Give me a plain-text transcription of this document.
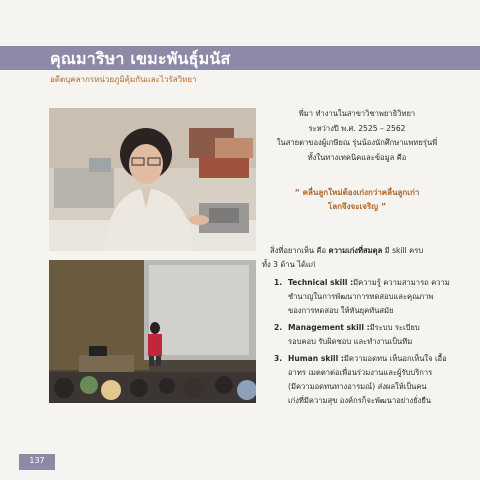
คุณมาริษา เขมะพันธุ์มนัส
อดีตบุคลากรหน่วยภูมิคุ้มกันและไวรัสวิทยา
พี่มา ทำงานในสาขาวิชาพยาธิวิทยา
ระหว่างปี พ.ศ. 2525 – 2562
ในสายตาของผู้เกษียณ รุ่นน้องนักศึกษาแพทยรุ่นพี่
ทั้งในทางเทคนิคและข้อมูล คือ
“ คลื่นลูกใหม่ต้องเก่งกว่าคลื่นลูกเก่า
โลกจึงจะเจริญ ”
สิ่งที่อยากเห็น คือ ความเก่งที่สมดุล มี skill ครบ
ทั้ง 3 ด้าน ได้แก่
1. Technical skill :มีความรู้ ความสามารถ ความ
ชำนาญในการพัฒนาการทดสอบและคุณภาพ
ของการทดสอบ ให้ทันยุคทันสมัย
2. Management skill :มีระบบ ระเบียบ
รอบคอบ รับผิดชอบ และทำงานเป็นทีม
3. Human skill :มีความอดทน เห็นอกเห็นใจ เอื้อ
อาทร เมตตาต่อเพื่อนร่วมงานและผู้รับบริการ
(มีความอดทนทางอารมณ์) ส่งผลให้เป็นคน
เก่งที่มีความสุข องค์กรก็จะพัฒนาอย่างยั่งยืน
137
